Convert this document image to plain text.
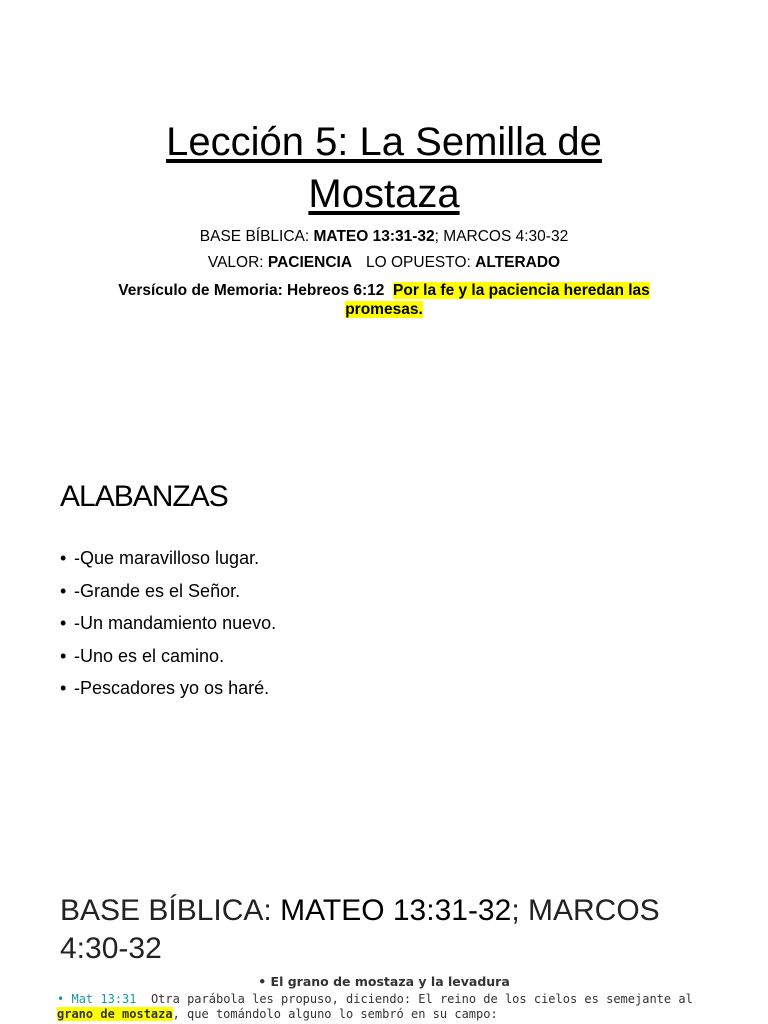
Lección 5: La Semilla de
Mostaza
BASE BÍBLICA: MATEO 13:31-32; MARCOS 4:30-32
VALOR: PACIENCIA LO OPUESTO: ALTERADO
Versículo de Memoria: Hebreos 6:12 Por la fe y la paciencia heredan las
promesas.
ALABANZAS
• -Que maravilloso lugar.
• -Grande es el Señor.
• -Un mandamiento nuevo.
• -Uno es el camino.
• -Pescadores yo os haré.
BASE BÍBLICA: MATEO 13:31-32; MARCOS 4:30-32
• El grano de mostaza y la levadura
• Mat 13:31 Otra parábola les propuso, diciendo: El reino de los cielos es semejante al
grano de mostaza, que tomándolo alguno lo sembró en su campo:
